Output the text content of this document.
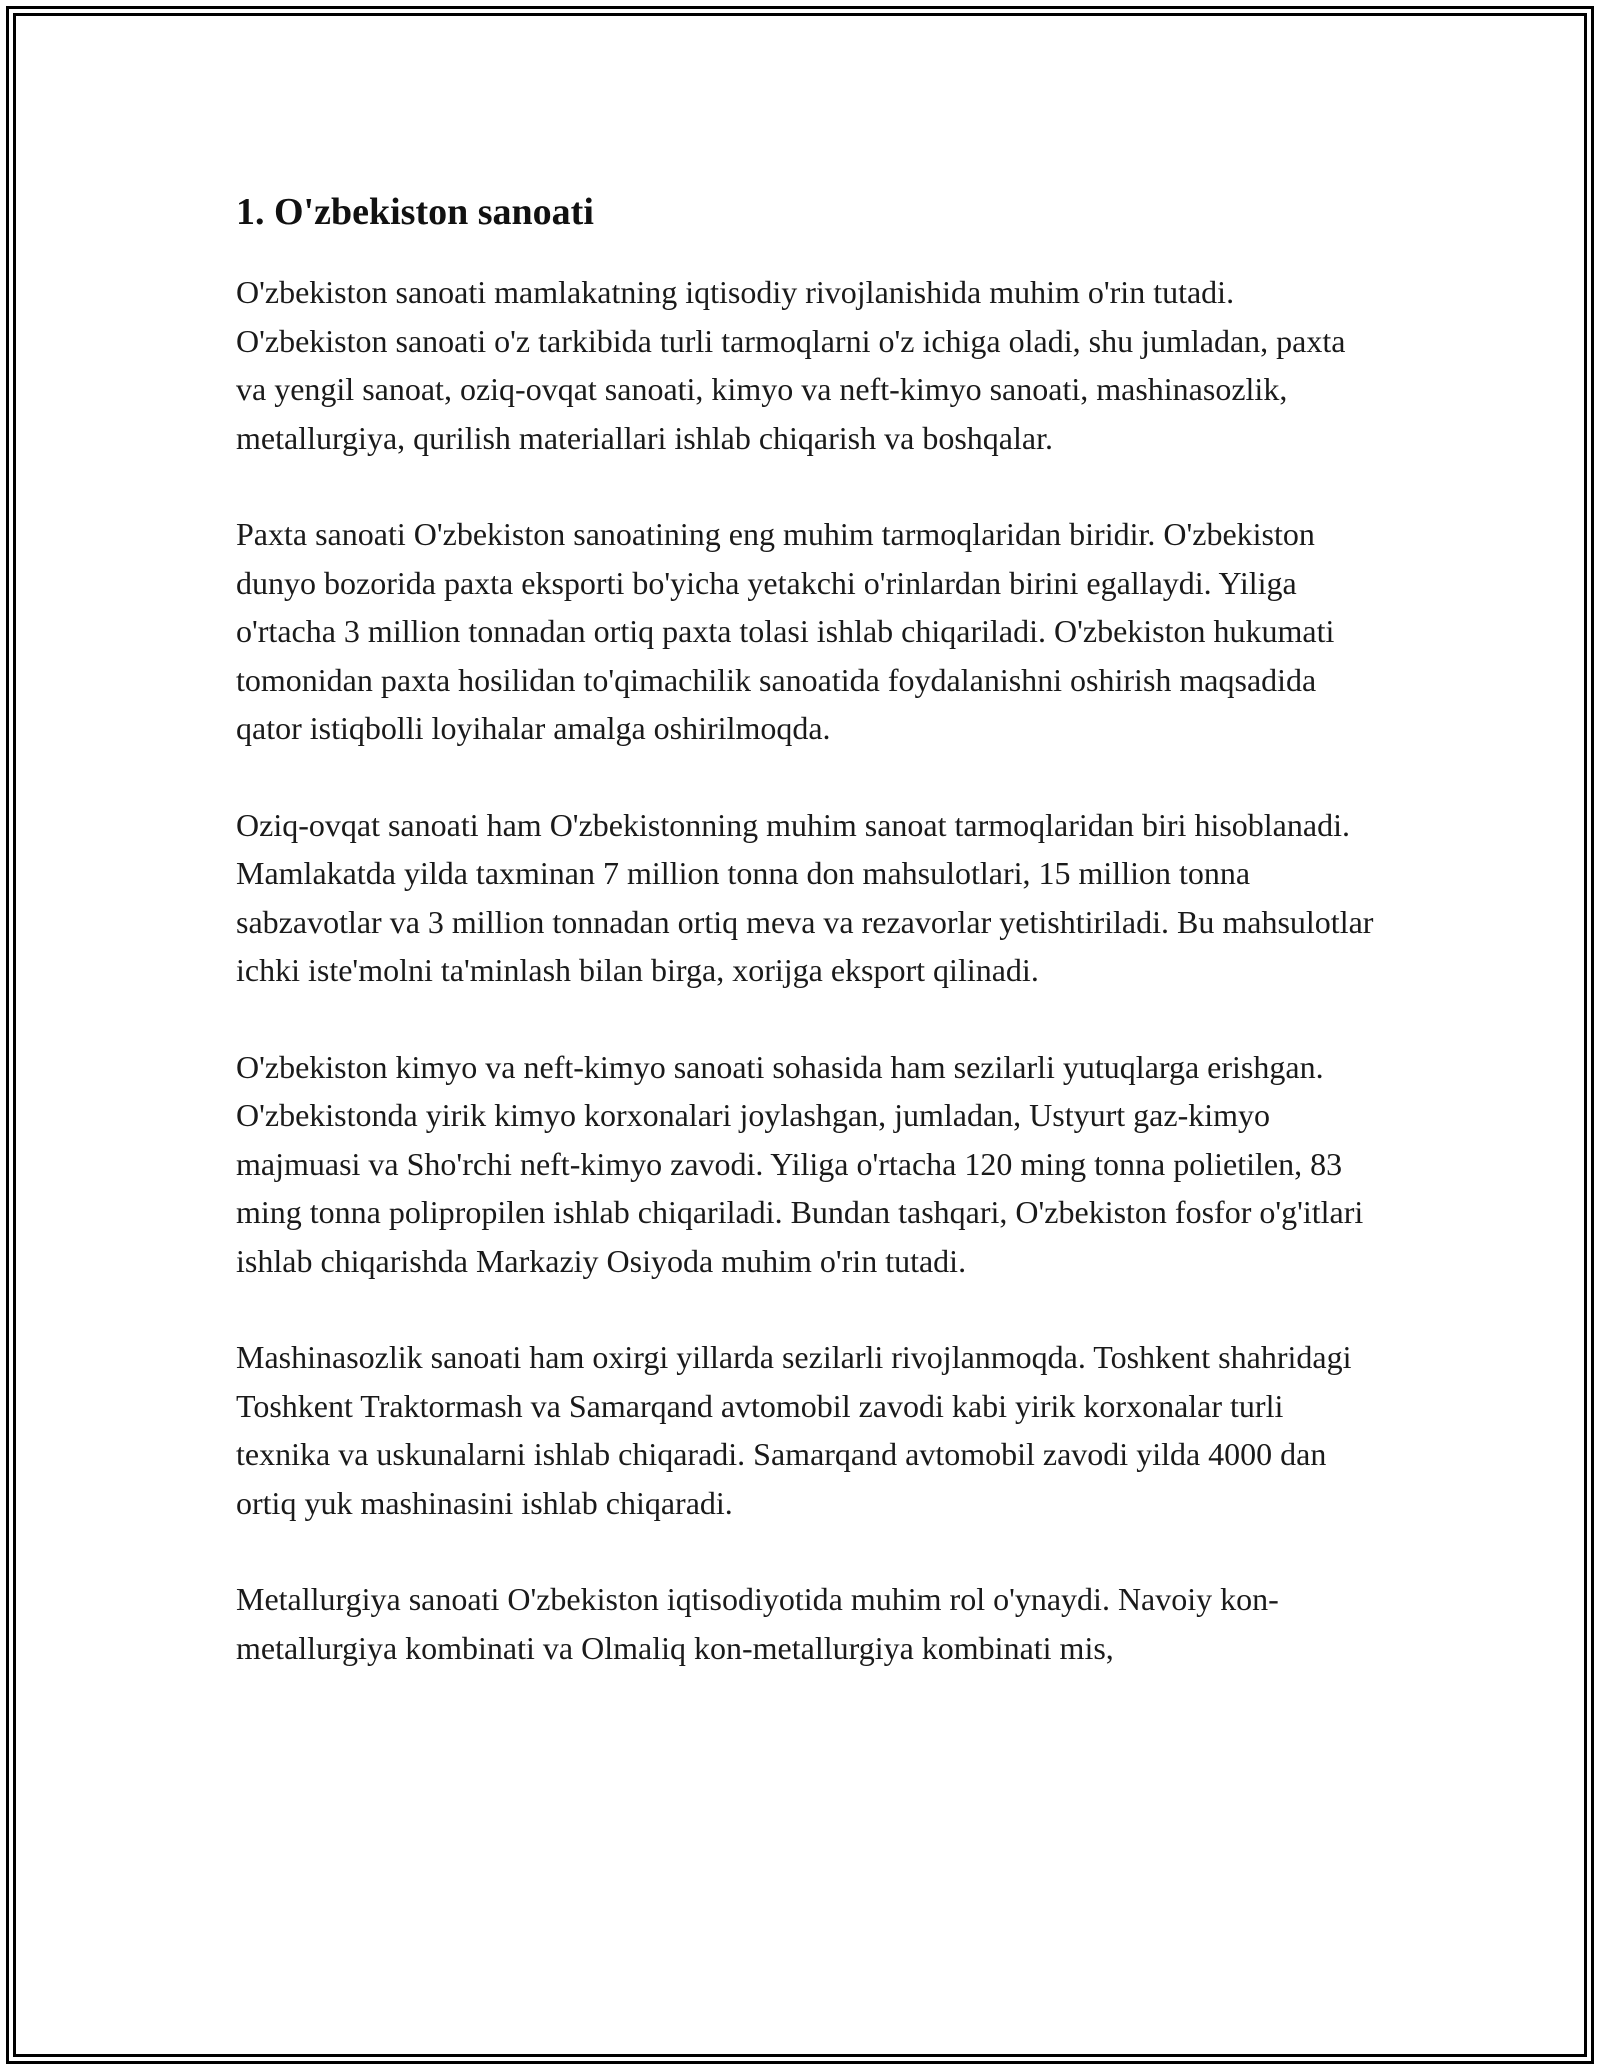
1. O'zbekiston sanoati

O'zbekiston sanoati mamlakatning iqtisodiy rivojlanishida muhim o'rin tutadi. O'zbekiston sanoati o'z tarkibida turli tarmoqlarni o'z ichiga oladi, shu jumladan, paxta va yengil sanoat, oziq-ovqat sanoati, kimyo va neft-kimyo sanoati, mashinasozlik, metallurgiya, qurilish materiallari ishlab chiqarish va boshqalar.

Paxta sanoati O'zbekiston sanoatining eng muhim tarmoqlaridan biridir. O'zbekiston dunyo bozorida paxta eksporti bo'yicha yetakchi o'rinlardan birini egallaydi. Yiliga o'rtacha 3 million tonnadan ortiq paxta tolasi ishlab chiqariladi. O'zbekiston hukumati tomonidan paxta hosilidan to'qimachilik sanoatida foydalanishni oshirish maqsadida qator istiqbolli loyihalar amalga oshirilmoqda.

Oziq-ovqat sanoati ham O'zbekistonning muhim sanoat tarmoqlaridan biri hisoblanadi. Mamlakatda yilda taxminan 7 million tonna don mahsulotlari, 15 million tonna sabzavotlar va 3 million tonnadan ortiq meva va rezavorlar yetishtiriladi. Bu mahsulotlar ichki iste'molni ta'minlash bilan birga, xorijga eksport qilinadi.

O'zbekiston kimyo va neft-kimyo sanoati sohasida ham sezilarli yutuqlarga erishgan. O'zbekistonda yirik kimyo korxonalari joylashgan, jumladan, Ustyurt gaz-kimyo majmuasi va Sho'rchi neft-kimyo zavodi. Yiliga o'rtacha 120 ming tonna polietilen, 83 ming tonna polipropilen ishlab chiqariladi. Bundan tashqari, O'zbekiston fosfor o'g'itlari ishlab chiqarishda Markaziy Osiyoda muhim o'rin tutadi.

Mashinasozlik sanoati ham oxirgi yillarda sezilarli rivojlanmoqda. Toshkent shahridagi Toshkent Traktormash va Samarqand avtomobil zavodi kabi yirik korxonalar turli texnika va uskunalarni ishlab chiqaradi. Samarqand avtomobil zavodi yilda 4000 dan ortiq yuk mashinasini ishlab chiqaradi.

Metallurgiya sanoati O'zbekiston iqtisodiyotida muhim rol o'ynaydi. Navoiy kon-metallurgiya kombinati va Olmaliq kon-metallurgiya kombinati mis,
